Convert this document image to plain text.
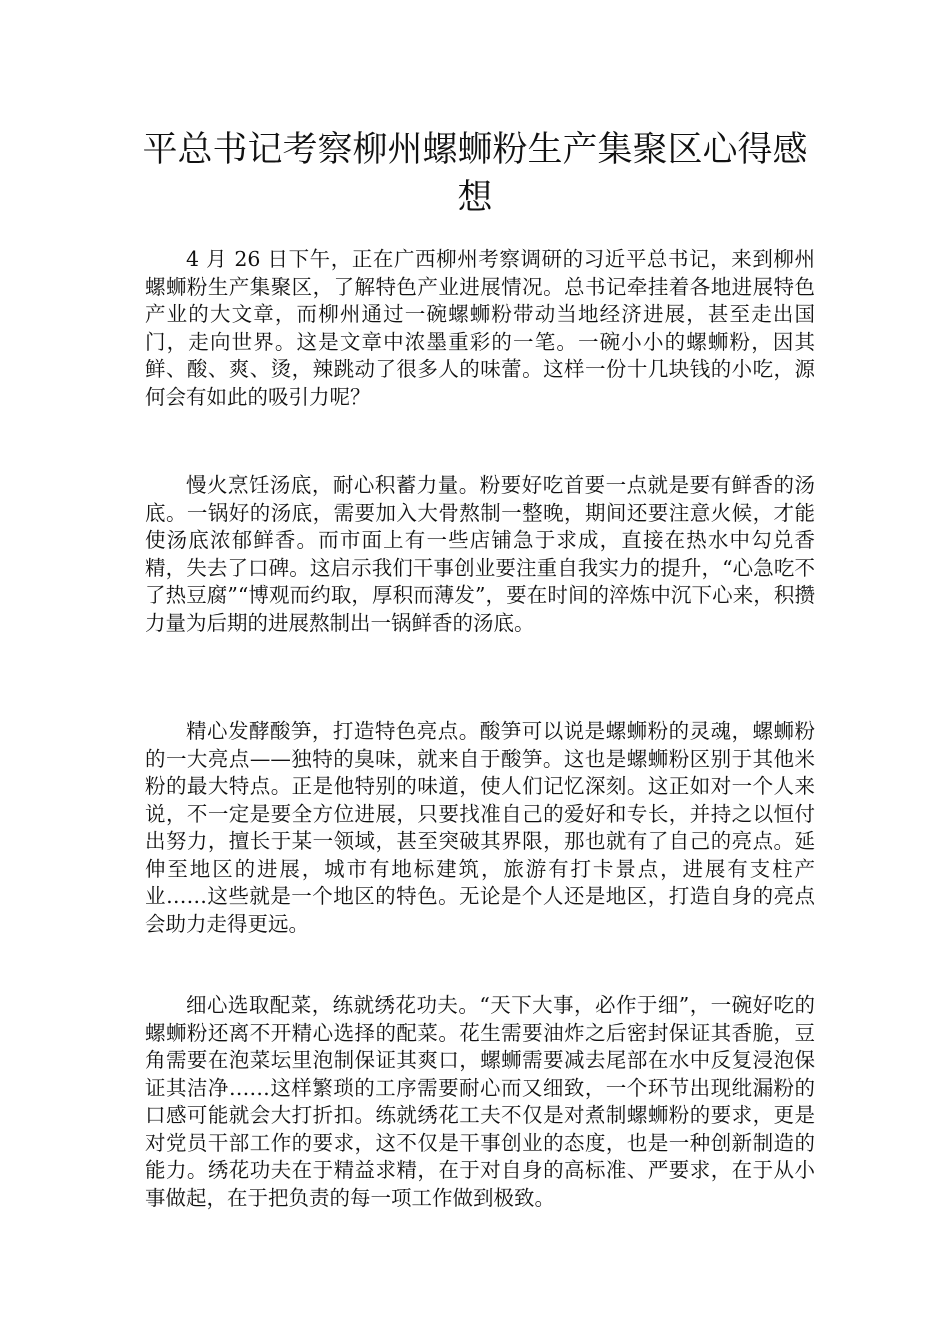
平总书记考察柳州螺蛳粉生产集聚区心得感想

4 月 26 日下午，正在广西柳州考察调研的习近平总书记，来到柳州螺蛳粉生产集聚区，了解特色产业进展情况。总书记牵挂着各地进展特色产业的大文章，而柳州通过一碗螺蛳粉带动当地经济进展，甚至走出国门，走向世界。这是文章中浓墨重彩的一笔。一碗小小的螺蛳粉，因其鲜、酸、爽、烫，辣跳动了很多人的味蕾。这样一份十几块钱的小吃，源何会有如此的吸引力呢？

慢火烹饪汤底，耐心积蓄力量。粉要好吃首要一点就是要有鲜香的汤底。一锅好的汤底，需要加入大骨熬制一整晚，期间还要注意火候，才能使汤底浓郁鲜香。而市面上有一些店铺急于求成，直接在热水中勾兑香精，失去了口碑。这启示我们干事创业要注重自我实力的提升，“心急吃不了热豆腐”“博观而约取，厚积而薄发”，要在时间的淬炼中沉下心来，积攒力量为后期的进展熬制出一锅鲜香的汤底。

精心发酵酸笋，打造特色亮点。酸笋可以说是螺蛳粉的灵魂，螺蛳粉的一大亮点——独特的臭味，就来自于酸笋。这也是螺蛳粉区别于其他米粉的最大特点。正是他特别的味道，使人们记忆深刻。这正如对一个人来说，不一定是要全方位进展，只要找准自己的爱好和专长，并持之以恒付出努力，擅长于某一领域，甚至突破其界限，那也就有了自己的亮点。延伸至地区的进展，城市有地标建筑，旅游有打卡景点，进展有支柱产业……这些就是一个地区的特色。无论是个人还是地区，打造自身的亮点会助力走得更远。

细心选取配菜，练就绣花功夫。“天下大事，必作于细”，一碗好吃的螺蛳粉还离不开精心选择的配菜。花生需要油炸之后密封保证其香脆，豆角需要在泡菜坛里泡制保证其爽口，螺蛳需要减去尾部在水中反复浸泡保证其洁净……这样繁琐的工序需要耐心而又细致，一个环节出现纰漏粉的口感可能就会大打折扣。练就绣花工夫不仅是对煮制螺蛳粉的要求，更是对党员干部工作的要求，这不仅是干事创业的态度，也是一种创新制造的能力。绣花功夫在于精益求精，在于对自身的高标准、严要求，在于从小事做起，在于把负责的每一项工作做到极致。
